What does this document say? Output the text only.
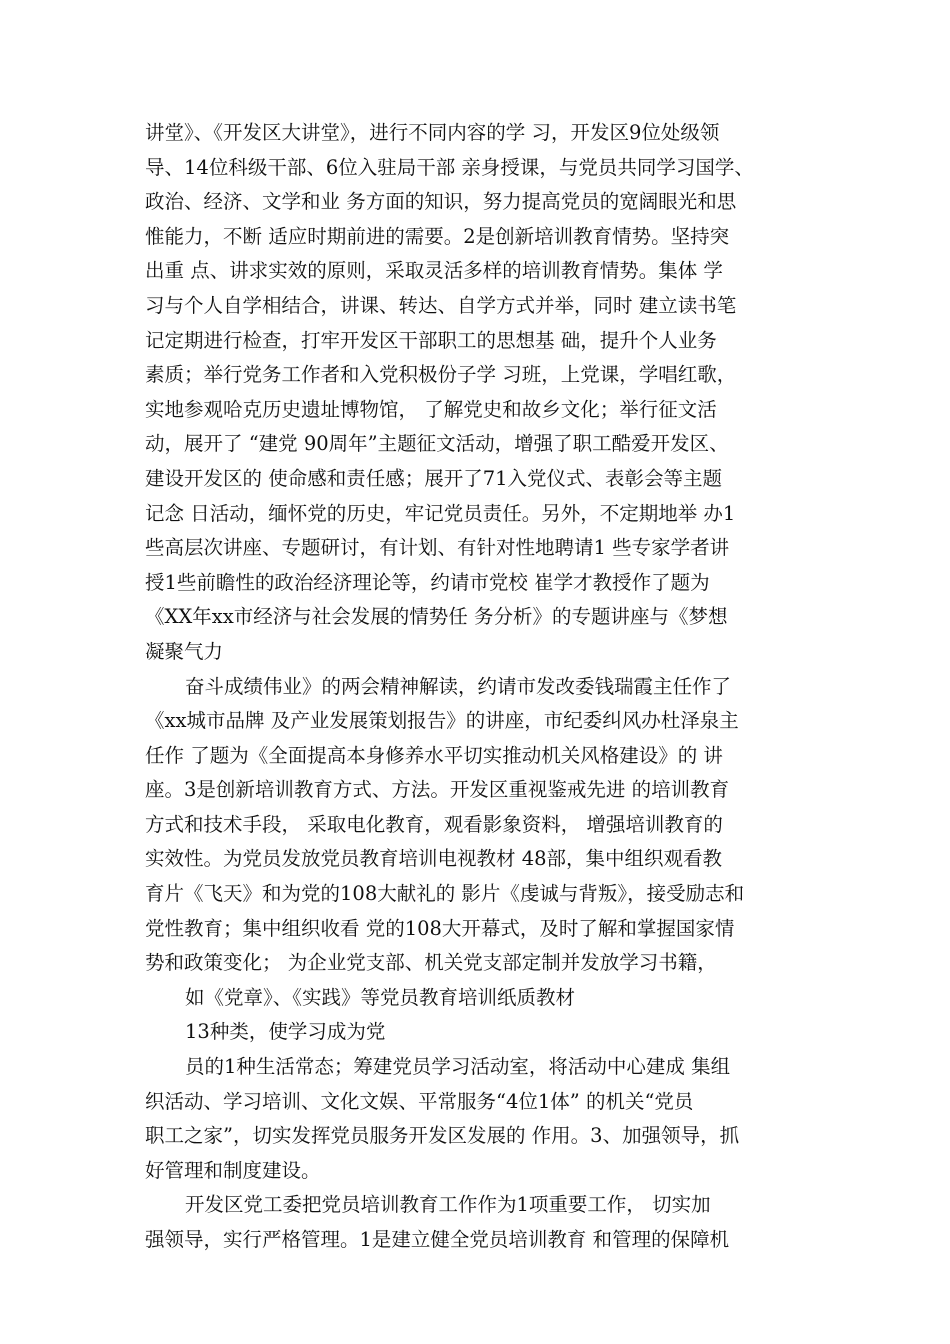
讲堂》、《开发区大讲堂》，进行不同内容的学 习，开发区9位处级领
导、14位科级干部、6位入驻局干部 亲身授课，与党员共同学习国学、
政治、经济、文学和业 务方面的知识，努力提高党员的宽阔眼光和思
惟能力，不断 适应时期前进的需要。2是创新培训教育情势。坚持突
出重 点、讲求实效的原则，采取灵活多样的培训教育情势。集体 学
习与个人自学相结合，讲课、转达、自学方式并举，同时 建立读书笔
记定期进行检查，打牢开发区干部职工的思想基 础，提升个人业务
素质；举行党务工作者和入党积极份子学 习班，上党课，学唱红歌，
实地参观哈克历史遗址博物馆， 了解党史和故乡文化；举行征文活
动，展开了 “建党 90周年”主题征文活动，增强了职工酷爱开发区、
建设开发区的 使命感和责任感；展开了71入党仪式、表彰会等主题
记念 日活动，缅怀党的历史，牢记党员责任。另外，不定期地举 办1
些高层次讲座、专题研讨，有计划、有针对性地聘请1 些专家学者讲
授1些前瞻性的政治经济理论等，约请市党校 崔学才教授作了题为
《XX年xx市经济与社会发展的情势任 务分析》的专题讲座与《梦想
凝聚气力
奋斗成绩伟业》的两会精神解读，约请市发改委钱瑞霞主任作了
《xx城市品牌 及产业发展策划报告》的讲座，市纪委纠风办杜泽泉主
任作 了题为《全面提高本身修养水平切实推动机关风格建设》的 讲
座。3是创新培训教育方式、方法。开发区重视鉴戒先进 的培训教育
方式和技术手段， 采取电化教育，观看影象资料， 增强培训教育的
实效性。为党员发放党员教育培训电视教材 48部，集中组织观看教
育片《飞天》和为党的108大献礼的 影片《虔诚与背叛》，接受励志和
党性教育；集中组织收看 党的108大开幕式，及时了解和掌握国家情
势和政策变化； 为企业党支部、机关党支部定制并发放学习书籍，
如《党章》、《实践》等党员教育培训纸质教材
13种类，使学习成为党
员的1种生活常态；筹建党员学习活动室，将活动中心建成 集组
织活动、学习培训、文化文娱、平常服务“4位1体” 的机关“党员
职工之家”，切实发挥党员服务开发区发展的 作用。3、加强领导，抓
好管理和制度建设。
开发区党工委把党员培训教育工作作为1项重要工作， 切实加
强领导，实行严格管理。1是建立健全党员培训教育 和管理的保障机
